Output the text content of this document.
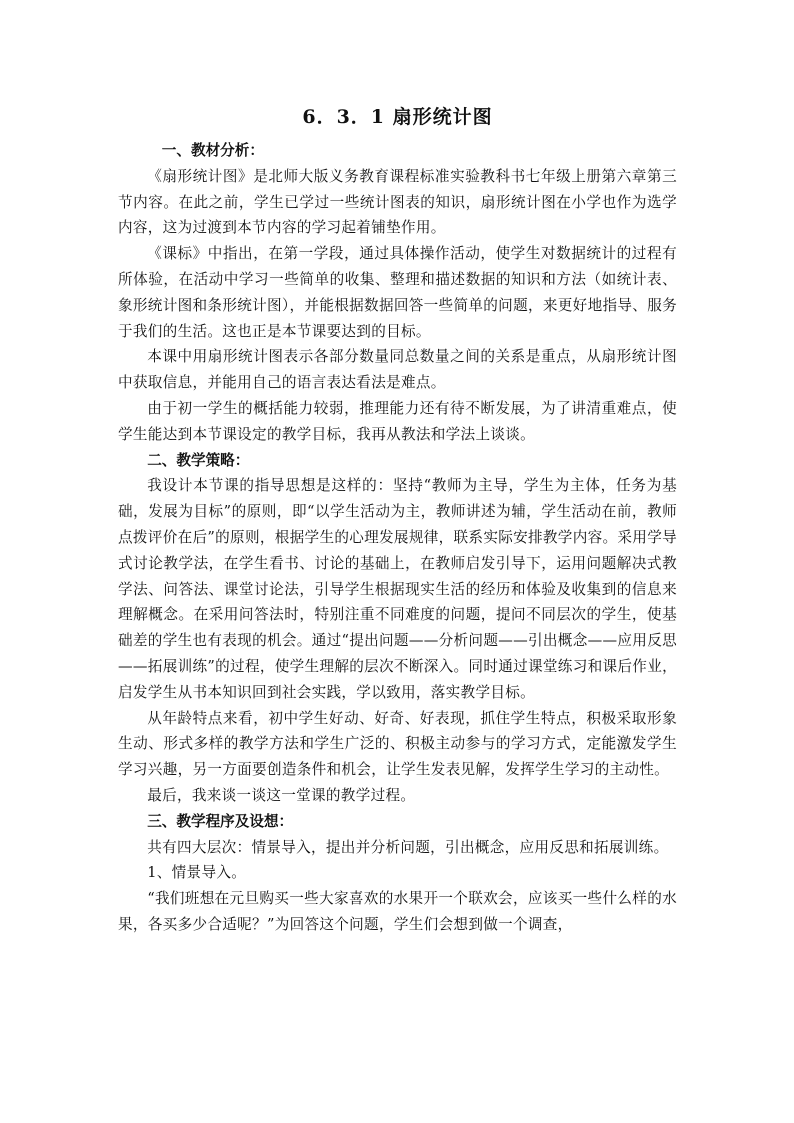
6．3．1 扇形统计图
一、教材分析：

《扇形统计图》是北师大版义务教育课程标准实验教科书七年级上册第六章第三节内容。在此之前，学生已学过一些统计图表的知识，扇形统计图在小学也作为选学内容，这为过渡到本节内容的学习起着铺垫作用。

《课标》中指出，在第一学段，通过具体操作活动，使学生对数据统计的过程有所体验，在活动中学习一些简单的收集、整理和描述数据的知识和方法（如统计表、象形统计图和条形统计图），并能根据数据回答一些简单的问题，来更好地指导、服务于我们的生活。这也正是本节课要达到的目标。

本课中用扇形统计图表示各部分数量同总数量之间的关系是重点，从扇形统计图中获取信息，并能用自己的语言表达看法是难点。

由于初一学生的概括能力较弱，推理能力还有待不断发展，为了讲清重难点，使学生能达到本节课设定的教学目标，我再从教法和学法上谈谈。

二、教学策略：

我设计本节课的指导思想是这样的：坚持“教师为主导，学生为主体，任务为基础，发展为目标”的原则，即“以学生活动为主，教师讲述为辅，学生活动在前，教师点拨评价在后”的原则，根据学生的心理发展规律，联系实际安排教学内容。采用学导式讨论教学法，在学生看书、讨论的基础上，在教师启发引导下，运用问题解决式教学法、问答法、课堂讨论法，引导学生根据现实生活的经历和体验及收集到的信息来理解概念。在采用问答法时，特别注重不同难度的问题，提问不同层次的学生，使基础差的学生也有表现的机会。通过“提出问题——分析问题——引出概念——应用反思——拓展训练”的过程，使学生理解的层次不断深入。同时通过课堂练习和课后作业，启发学生从书本知识回到社会实践，学以致用，落实教学目标。

从年龄特点来看，初中学生好动、好奇、好表现，抓住学生特点，积极采取形象生动、形式多样的教学方法和学生广泛的、积极主动参与的学习方式，定能激发学生学习兴趣，另一方面要创造条件和机会，让学生发表见解，发挥学生学习的主动性。

最后，我来谈一谈这一堂课的教学过程。

三、教学程序及设想：

共有四大层次：情景导入，提出并分析问题，引出概念，应用反思和拓展训练。

1、情景导入。

“我们班想在元旦购买一些大家喜欢的水果开一个联欢会，应该买一些什么样的水果，各买多少合适呢？”为回答这个问题，学生们会想到做一个调查，
